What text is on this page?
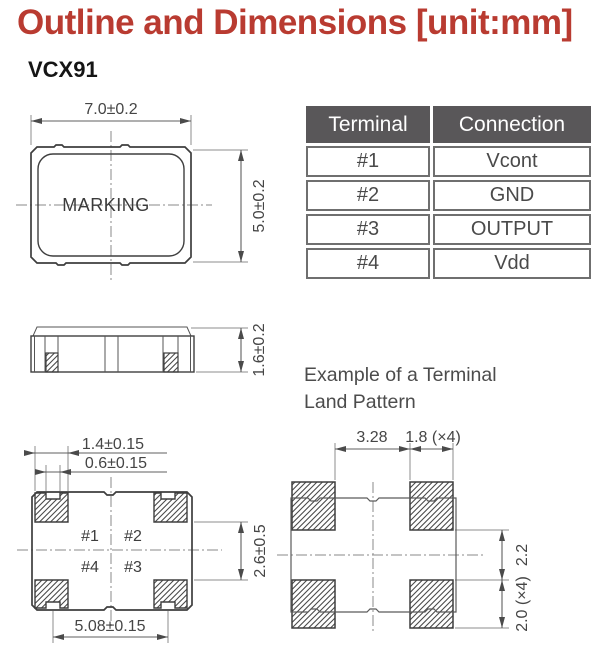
Outline and Dimensions [unit:mm]
VCX91
MARKING
7.0±0.2
5.0±0.2
Terminal	Connection
#1	Vcont
#2	GND
#3	OUTPUT
#4	Vdd
1.6±0.2 Example of a Terminal
Land Pattern
#1 #2
#4 #3
1.4±0.15
0.6±0.15
2.6±0.5
5.08±0.15
3.28 1.8 (×4)
2.2
2.0 (×4)
